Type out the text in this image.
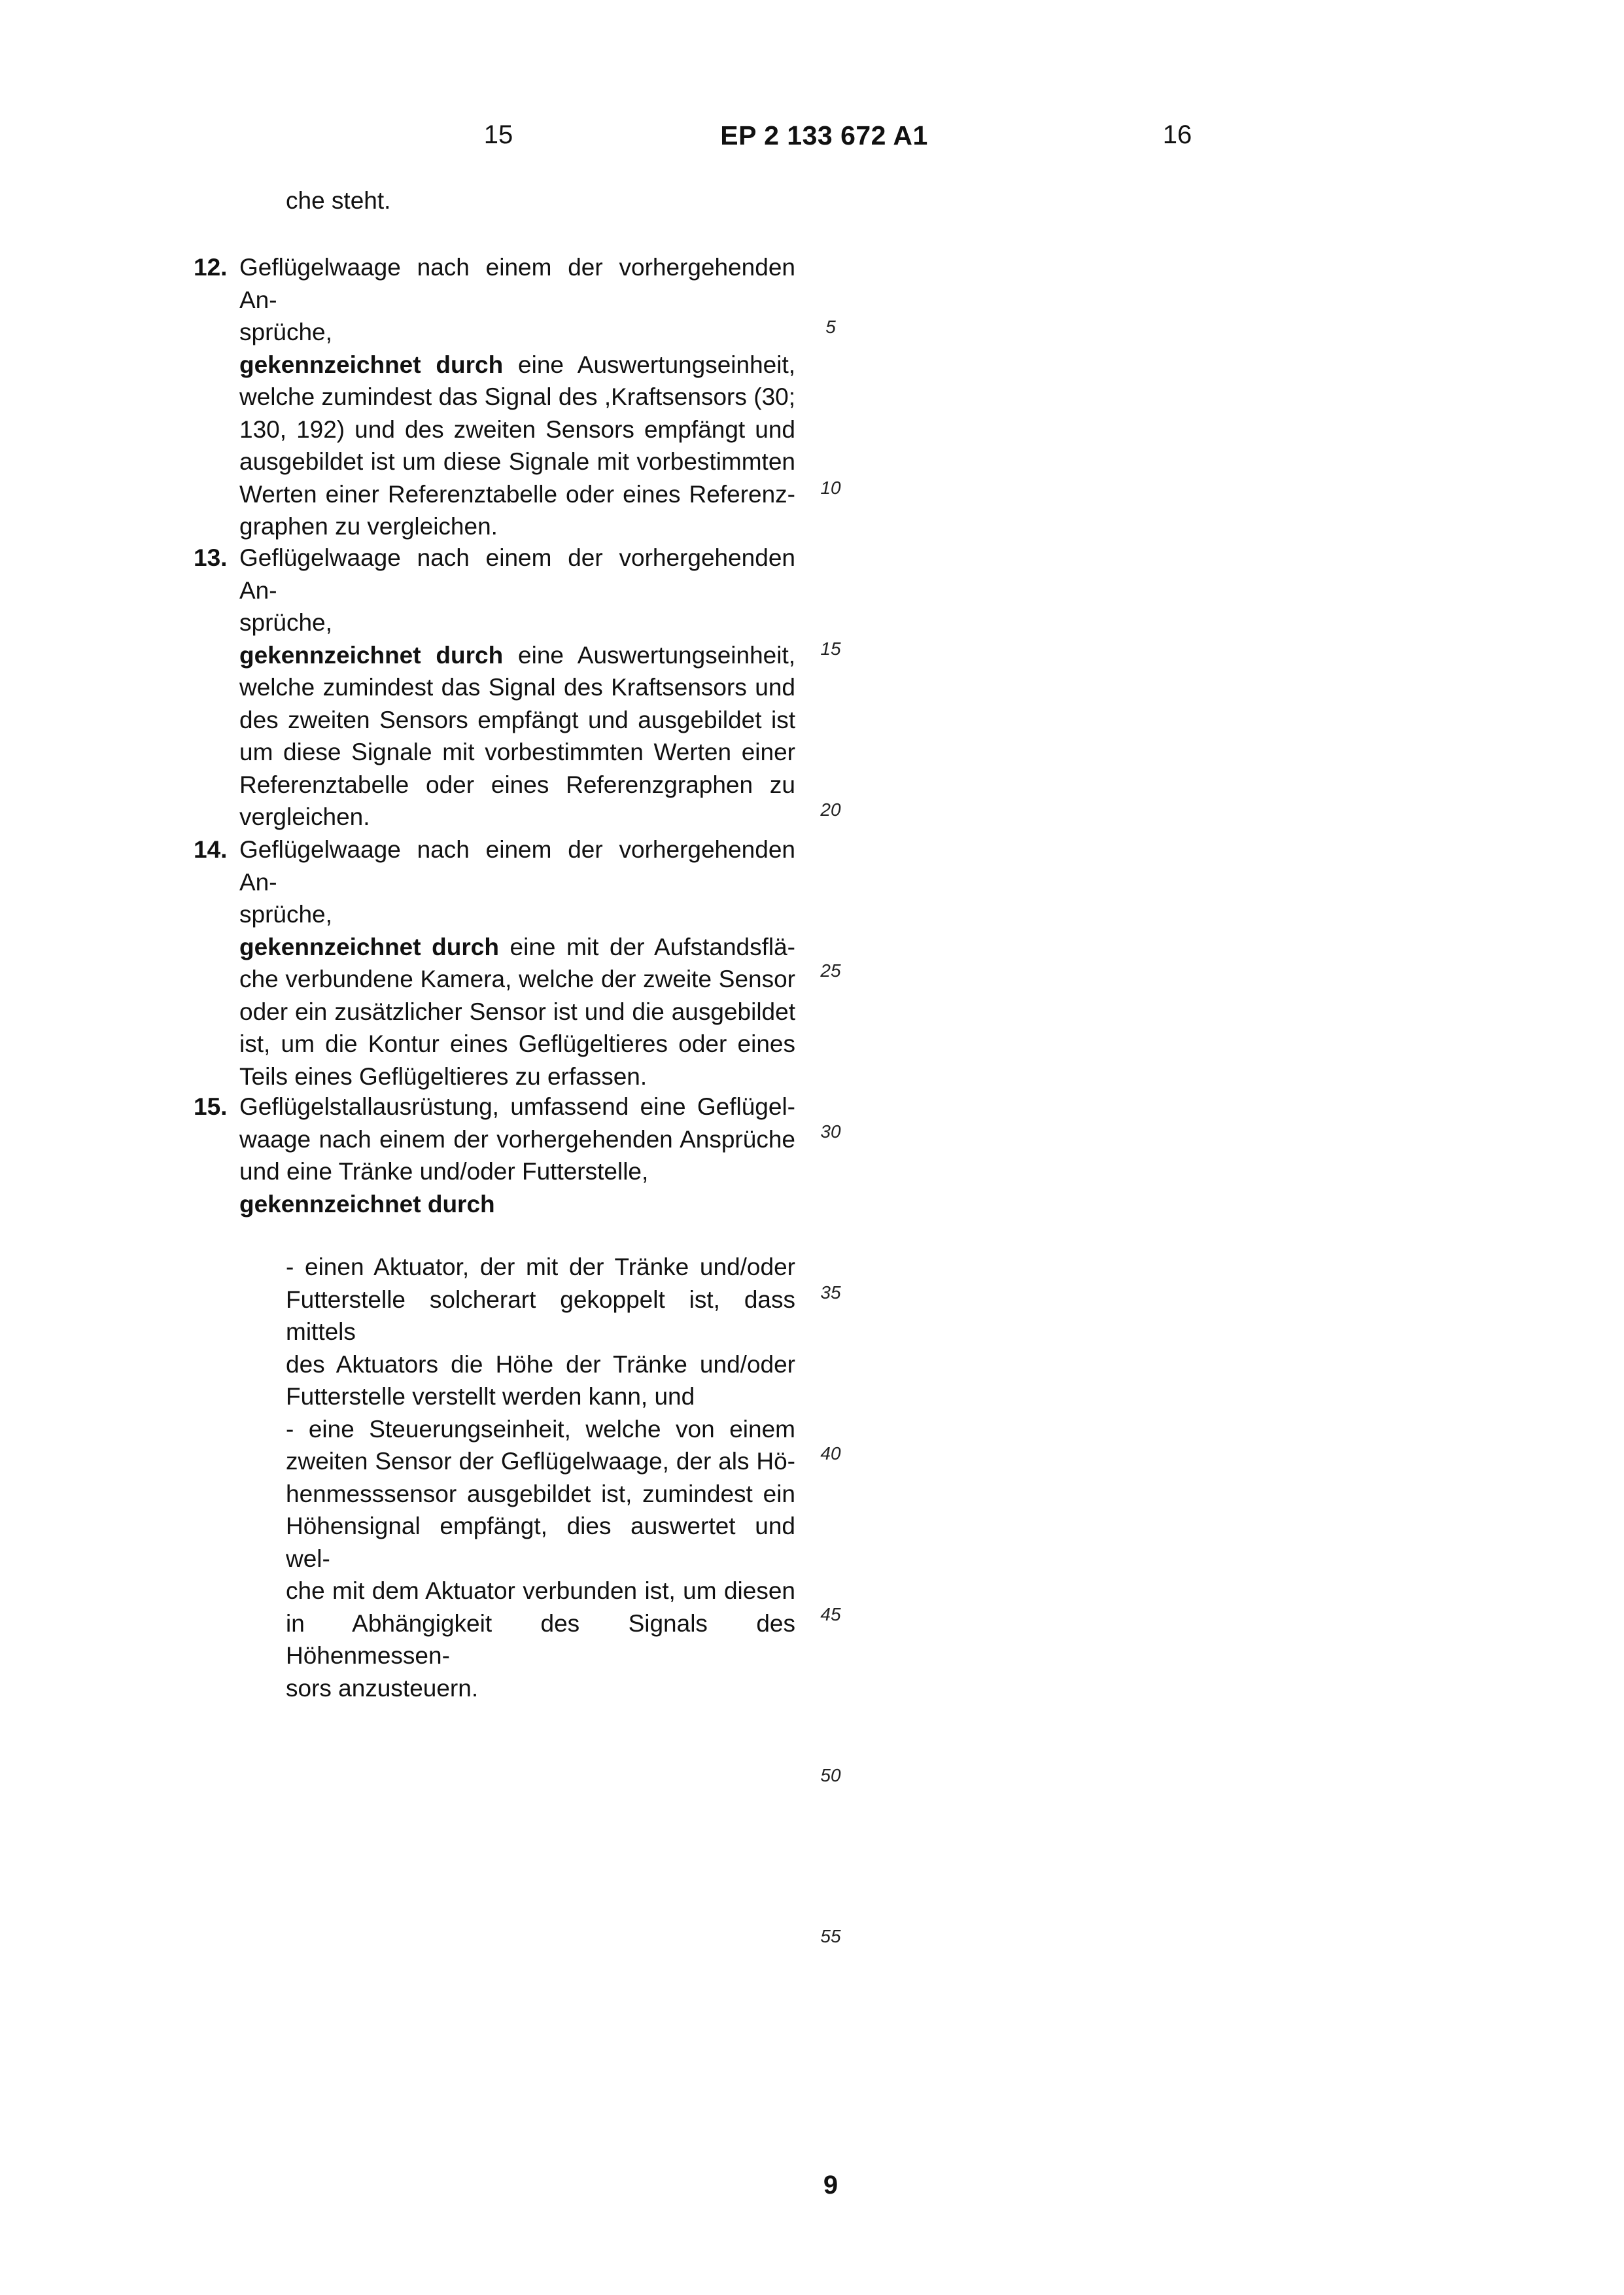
15	EP 2 133 672 A1	16
che steht.
12. Geflügelwaage nach einem der vorhergehenden An-
sprüche,
gekennzeichnet durch eine Auswertungseinheit,
welche zumindest das Signal des ,Kraftsensors (30;
130, 192) und des zweiten Sensors empfängt und
ausgebildet ist um diese Signale mit vorbestimmten
Werten einer Referenztabelle oder eines Referenz-
graphen zu vergleichen.
13. Geflügelwaage nach einem der vorhergehenden An-
sprüche,
gekennzeichnet durch eine Auswertungseinheit,
welche zumindest das Signal des Kraftsensors und
des zweiten Sensors empfängt und ausgebildet ist
um diese Signale mit vorbestimmten Werten einer
Referenztabelle oder eines Referenzgraphen zu
vergleichen.
14. Geflügelwaage nach einem der vorhergehenden An-
sprüche,
gekennzeichnet durch eine mit der Aufstandsflä-
che verbundene Kamera, welche der zweite Sensor
oder ein zusätzlicher Sensor ist und die ausgebildet
ist, um die Kontur eines Geflügeltieres oder eines
Teils eines Geflügeltieres zu erfassen.
15. Geflügelstallausrüstung, umfassend eine Geflügel-
waage nach einem der vorhergehenden Ansprüche
und eine Tränke und/oder Futterstelle,
gekennzeichnet durch
- einen Aktuator, der mit der Tränke und/oder
Futterstelle solcherart gekoppelt ist, dass mittels
des Aktuators die Höhe der Tränke und/oder
Futterstelle verstellt werden kann, und
- eine Steuerungseinheit, welche von einem
zweiten Sensor der Geflügelwaage, der als Hö-
henmesssensor ausgebildet ist, zumindest ein
Höhensignal empfängt, dies auswertet und wel-
che mit dem Aktuator verbunden ist, um diesen
in Abhängigkeit des Signals des Höhenmessen-
sors anzusteuern.
5
10
15
20
25
30
35
40
45
50
55
9
